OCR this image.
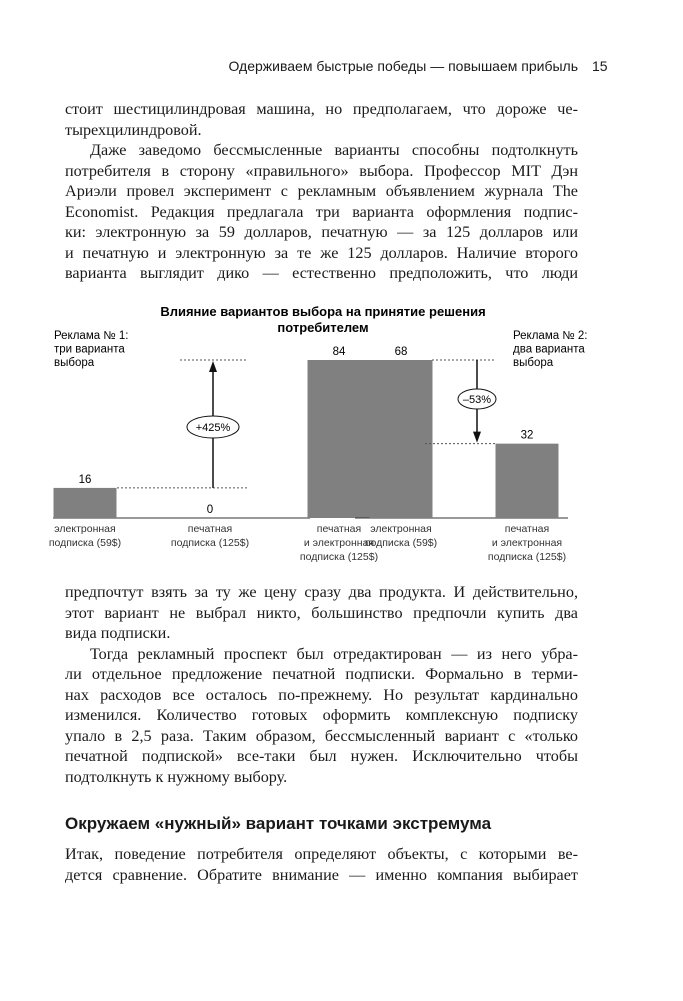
Одерживаем быстрые победы — повышаем прибыль 15
стоит шестицилиндровая машина, но предполагаем, что дороже че-
тырехцилиндровой.
Даже заведомо бессмысленные варианты способны подтолкнуть
потребителя в сторону «правильного» выбора. Профессор MIT Дэн
Ариэли провел эксперимент с рекламным объявлением журнала The
Economist. Редакция предлагала три варианта оформления подпис-
ки: электронную за 59 долларов, печатную — за 125 долларов или
и печатную и электронную за те же 125 долларов. Наличие второго
варианта выглядит дико — естественно предположить, что люди
предпочтут взять за ту же цену сразу два продукта. И действительно,
этот вариант не выбрал никто, большинство предпочли купить два
вида подписки.
Тогда рекламный проспект был отредактирован — из него убра-
ли отдельное предложение печатной подписки. Формально в терми-
нах расходов все осталось по-прежнему. Но результат кардинально
изменился. Количество готовых оформить комплексную подписку
упало в 2,5 раза. Таким образом, бессмысленный вариант с «только
печатной подпиской» все-таки был нужен. Исключительно чтобы
подтолкнуть к нужному выбору.
Итак, поведение потребителя определяют объекты, с которыми ве-
дется сравнение. Обратите внимание — именно компания выбирает
Окружаем «нужный» вариант точками экстремума
Влияние вариантов выбора на принятие решения
потребителем
Реклама № 1:
три варианта
выбора
16
электронная
подписка (59$)
0
печатная
подписка (125$)
84
печатная
и электронная
подписка (125$)
+425%
Реклама № 2:
два варианта
выбора
68
электронная
подписка (59$)
32
печатная
и электронная
подписка (125$)
–53%
